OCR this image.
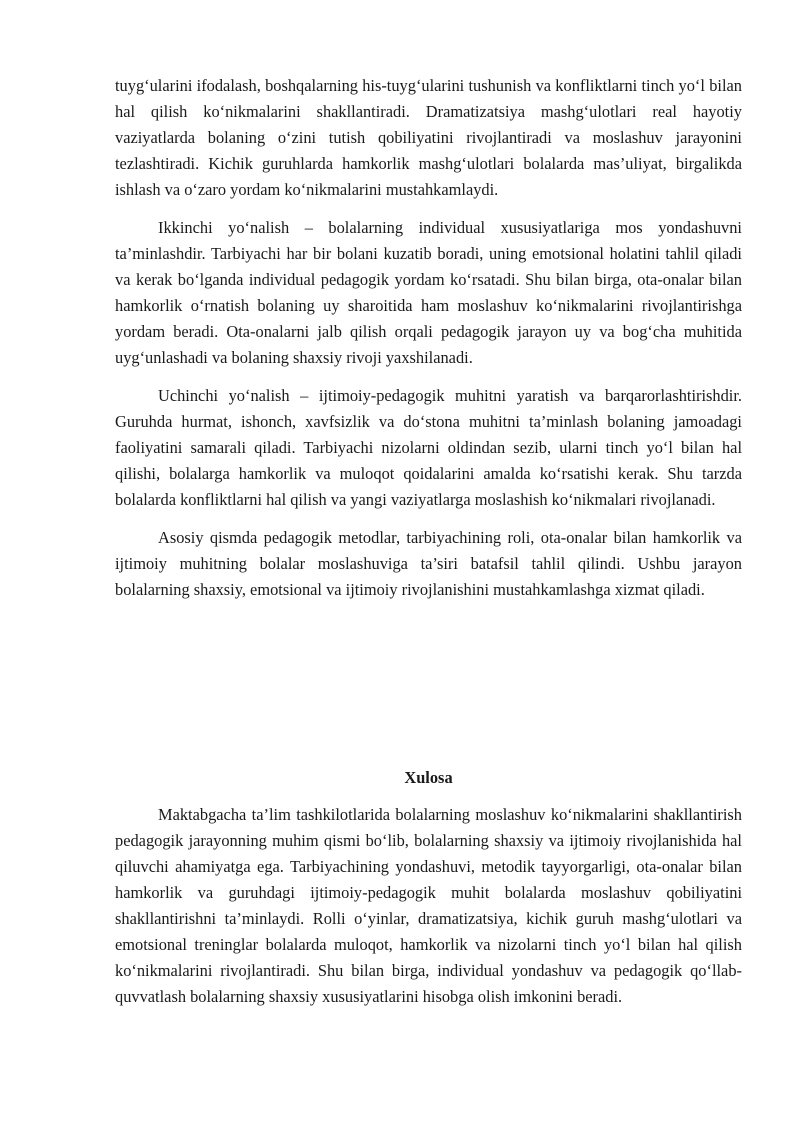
tuyg‘ularini ifodalash, boshqalarning his-tuyg‘ularini tushunish va konfliktlarni tinch yo‘l bilan hal qilish ko‘nikmalarini shakllantiradi. Dramatizatsiya mashg‘ulotlari real hayotiy vaziyatlarda bolaning o‘zini tutish qobiliyatini rivojlantiradi va moslashuv jarayonini tezlashtiradi. Kichik guruhlarda hamkorlik mashg‘ulotlari bolalarda mas’uliyat, birgalikda ishlash va o‘zaro yordam ko‘nikmalarini mustahkamlaydi.

Ikkinchi yo‘nalish – bolalarning individual xususiyatlariga mos yondashuvni ta’minlashdir. Tarbiyachi har bir bolani kuzatib boradi, uning emotsional holatini tahlil qiladi va kerak bo‘lganda individual pedagogik yordam ko‘rsatadi. Shu bilan birga, ota-onalar bilan hamkorlik o‘rnatish bolaning uy sharoitida ham moslashuv ko‘nikmalarini rivojlantirishga yordam beradi. Ota-onalarni jalb qilish orqali pedagogik jarayon uy va bog‘cha muhitida uyg‘unlashadi va bolaning shaxsiy rivoji yaxshilanadi.

Uchinchi yo‘nalish – ijtimoiy-pedagogik muhitni yaratish va barqarorlashtirishdir. Guruhda hurmat, ishonch, xavfsizlik va do‘stona muhitni ta’minlash bolaning jamoadagi faoliyatini samarali qiladi. Tarbiyachi nizolarni oldindan sezib, ularni tinch yo‘l bilan hal qilishi, bolalarga hamkorlik va muloqot qoidalarini amalda ko‘rsatishi kerak. Shu tarzda bolalarda konfliktlarni hal qilish va yangi vaziyatlarga moslashish ko‘nikmalari rivojlanadi.

Asosiy qismda pedagogik metodlar, tarbiyachining roli, ota-onalar bilan hamkorlik va ijtimoiy muhitning bolalar moslashuviga ta’siri batafsil tahlil qilindi. Ushbu jarayon bolalarning shaxsiy, emotsional va ijtimoiy rivojlanishini mustahkamlashga xizmat qiladi.

Xulosa

Maktabgacha ta’lim tashkilotlarida bolalarning moslashuv ko‘nikmalarini shakllantirish pedagogik jarayonning muhim qismi bo‘lib, bolalarning shaxsiy va ijtimoiy rivojlanishida hal qiluvchi ahamiyatga ega. Tarbiyachining yondashuvi, metodik tayyorgarligi, ota-onalar bilan hamkorlik va guruhdagi ijtimoiy-pedagogik muhit bolalarda moslashuv qobiliyatini shakllantirishni ta’minlaydi. Rolli o‘yinlar, dramatizatsiya, kichik guruh mashg‘ulotlari va emotsional treninglar bolalarda muloqot, hamkorlik va nizolarni tinch yo‘l bilan hal qilish ko‘nikmalarini rivojlantiradi. Shu bilan birga, individual yondashuv va pedagogik qo‘llab-quvvatlash bolalarning shaxsiy xususiyatlarini hisobga olish imkonini beradi.
